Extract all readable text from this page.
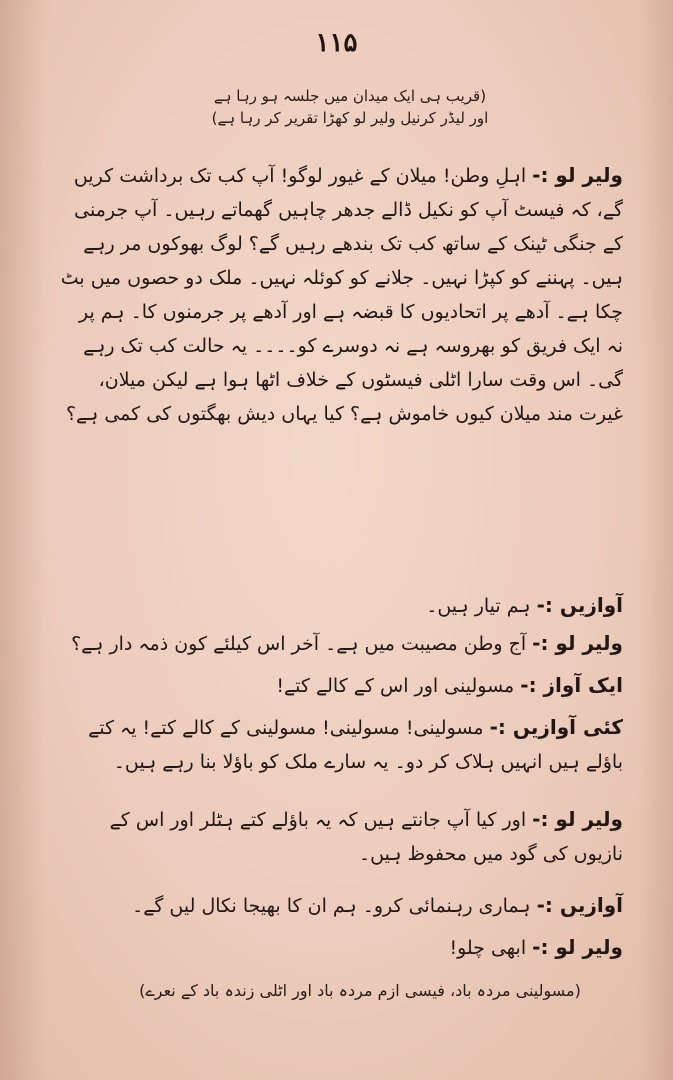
۱۱۵
(قریب ہی ایک میدان میں جلسہ ہو رہا ہے
اور لیڈر کرنیل ولیر لو کھڑا تقریر کر رہا ہے)
ولیر لو :- اہلِ وطن! میلان کے غیور لوگو! آپ کب تک برداشت کریں گے، کہ فیسٹ آپ کو نکیل ڈالے جدھر چاہیں گھماتے رہیں۔ آپ جرمنی کے جنگی ٹینک کے ساتھ کب تک بندھے رہیں گے؟ لوگ بھوکوں مر رہے ہیں۔ پہننے کو کپڑا نہیں۔ جلانے کو کوئلہ نہیں۔ ملک دو حصوں میں بٹ چکا ہے۔ آدھے پر اتحادیوں کا قبضہ ہے اور آدھے پر جرمنوں کا۔ ہم پر نہ ایک فریق کو بھروسہ ہے نہ دوسرے کو۔۔۔۔ یہ حالت کب تک رہے گی۔ اس وقت سارا اٹلی فیسٹوں کے خلاف اٹھا ہوا ہے لیکن میلان، غیرت مند میلان کیوں خاموش ہے؟ کیا یہاں دیش بھگتوں کی کمی ہے؟
آوازیں :- ہم تیار ہیں۔
ولیر لو :- آج وطن مصیبت میں ہے۔ آخر اس کیلئے کون ذمہ دار ہے؟
ایک آواز :- مسولینی اور اس کے کالے کتے!
کئی آوازیں :- مسولینی! مسولینی! مسولینی کے کالے کتے! یہ کتے باؤلے ہیں انہیں ہلاک کر دو۔ یہ سارے ملک کو باؤلا بنا رہے ہیں۔
ولیر لو :- اور کیا آپ جانتے ہیں کہ یہ باؤلے کتے ہٹلر اور اس کے نازیوں کی گود میں محفوظ ہیں۔
آوازیں :- ہماری رہنمائی کرو۔ ہم ان کا بھیجا نکال لیں گے۔
ولیر لو :- ابھی چلو!
(مسولینی مردہ باد، فیسی ازم مردہ باد اور اٹلی زندہ باد کے نعرے)
